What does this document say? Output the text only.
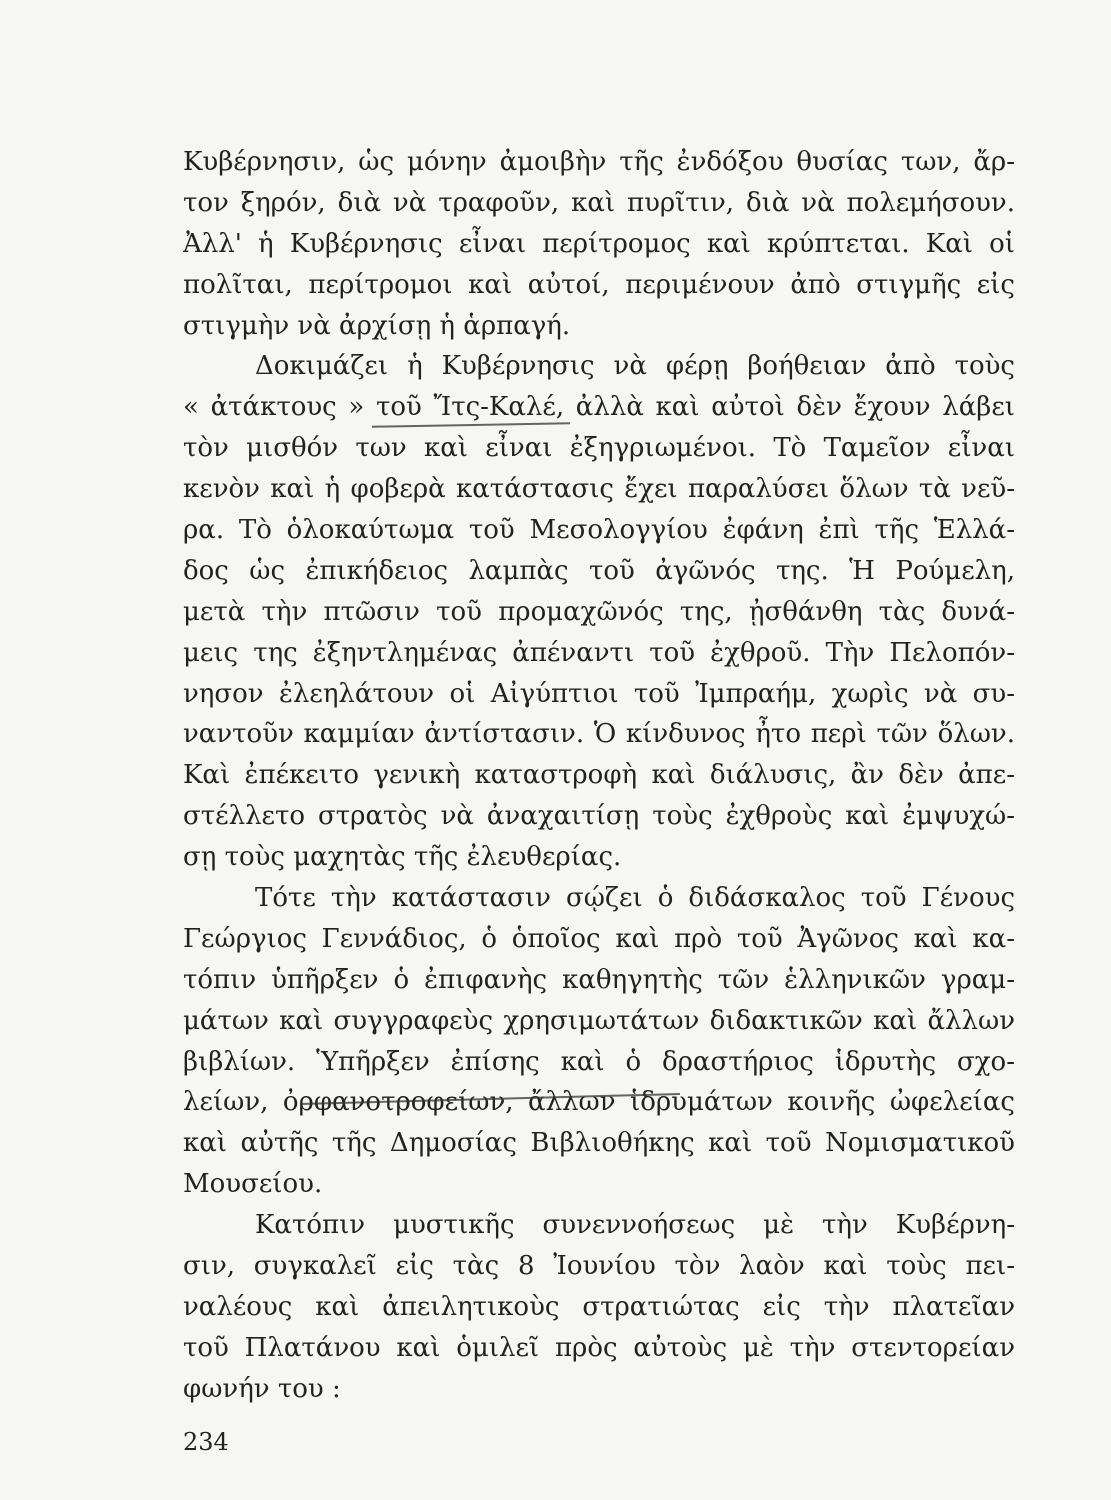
Κυβέρνησιν, ὡς μόνην ἀμοιβὴν τῆς ἐνδόξου θυσίας των, ἄρ-
τον ξηρόν, διὰ νὰ τραφοῦν, καὶ πυρῖτιν, διὰ νὰ πολεμήσουν.
Ἀλλ' ἡ Κυβέρνησις εἶναι περίτρομος καὶ κρύπτεται. Καὶ οἱ
πολῖται, περίτρομοι καὶ αὐτοί, περιμένουν ἀπὸ στιγμῆς εἰς
στιγμὴν νὰ ἀρχίσῃ ἡ ἁρπαγή.
Δοκιμάζει ἡ Κυβέρνησις νὰ φέρῃ βοήθειαν ἀπὸ τοὺς
« ἀτάκτους » τοῦ Ἴτς-Καλέ, ἀλλὰ καὶ αὐτοὶ δὲν ἔχουν λάβει
τὸν μισθόν των καὶ εἶναι ἐξηγριωμένοι. Τὸ Ταμεῖον εἶναι
κενὸν καὶ ἡ φοβερὰ κατάστασις ἔχει παραλύσει ὅλων τὰ νεῦ-
ρα. Τὸ ὁλοκαύτωμα τοῦ Μεσολογγίου ἐφάνη ἐπὶ τῆς Ἑλλά-
δος ὡς ἐπικήδειος λαμπὰς τοῦ ἀγῶνός της. Ἡ Ρούμελη,
μετὰ τὴν πτῶσιν τοῦ προμαχῶνός της, ᾐσθάνθη τὰς δυνά-
μεις της ἐξηντλημένας ἀπέναντι τοῦ ἐχθροῦ. Τὴν Πελοπόν-
νησον ἐλεηλάτουν οἱ Αἰγύπτιοι τοῦ Ἰμπραήμ, χωρὶς νὰ συ-
ναντοῦν καμμίαν ἀντίστασιν. Ὁ κίνδυνος ἦτο περὶ τῶν ὅλων.
Καὶ ἐπέκειτο γενικὴ καταστροφὴ καὶ διάλυσις, ἂν δὲν ἀπε-
στέλλετο στρατὸς νὰ ἀναχαιτίσῃ τοὺς ἐχθροὺς καὶ ἐμψυχώ-
σῃ τοὺς μαχητὰς τῆς ἐλευθερίας.
Τότε τὴν κατάστασιν σῴζει ὁ διδάσκαλος τοῦ Γένους
Γεώργιος Γεννάδιος, ὁ ὁποῖος καὶ πρὸ τοῦ Ἀγῶνος καὶ κα-
τόπιν ὑπῆρξεν ὁ ἐπιφανὴς καθηγητὴς τῶν ἑλληνικῶν γραμ-
μάτων καὶ συγγραφεὺς χρησιμωτάτων διδακτικῶν καὶ ἄλλων
βιβλίων. Ὑπῆρξεν ἐπίσης καὶ ὁ δραστήριος ἱδρυτὴς σχο-
λείων, ὀρφανοτροφείων, ἄλλων ἱδρυμάτων κοινῆς ὠφελείας
καὶ αὐτῆς τῆς Δημοσίας Βιβλιοθήκης καὶ τοῦ Νομισματικοῦ
Μουσείου.
Κατόπιν μυστικῆς συνεννοήσεως μὲ τὴν Κυβέρνη-
σιν, συγκαλεῖ εἰς τὰς 8 Ἰουνίου τὸν λαὸν καὶ τοὺς πει-
ναλέους καὶ ἀπειλητικοὺς στρατιώτας εἰς τὴν πλατεῖαν
τοῦ Πλατάνου καὶ ὁμιλεῖ πρὸς αὐτοὺς μὲ τὴν στεντορείαν
φωνήν του :
234
